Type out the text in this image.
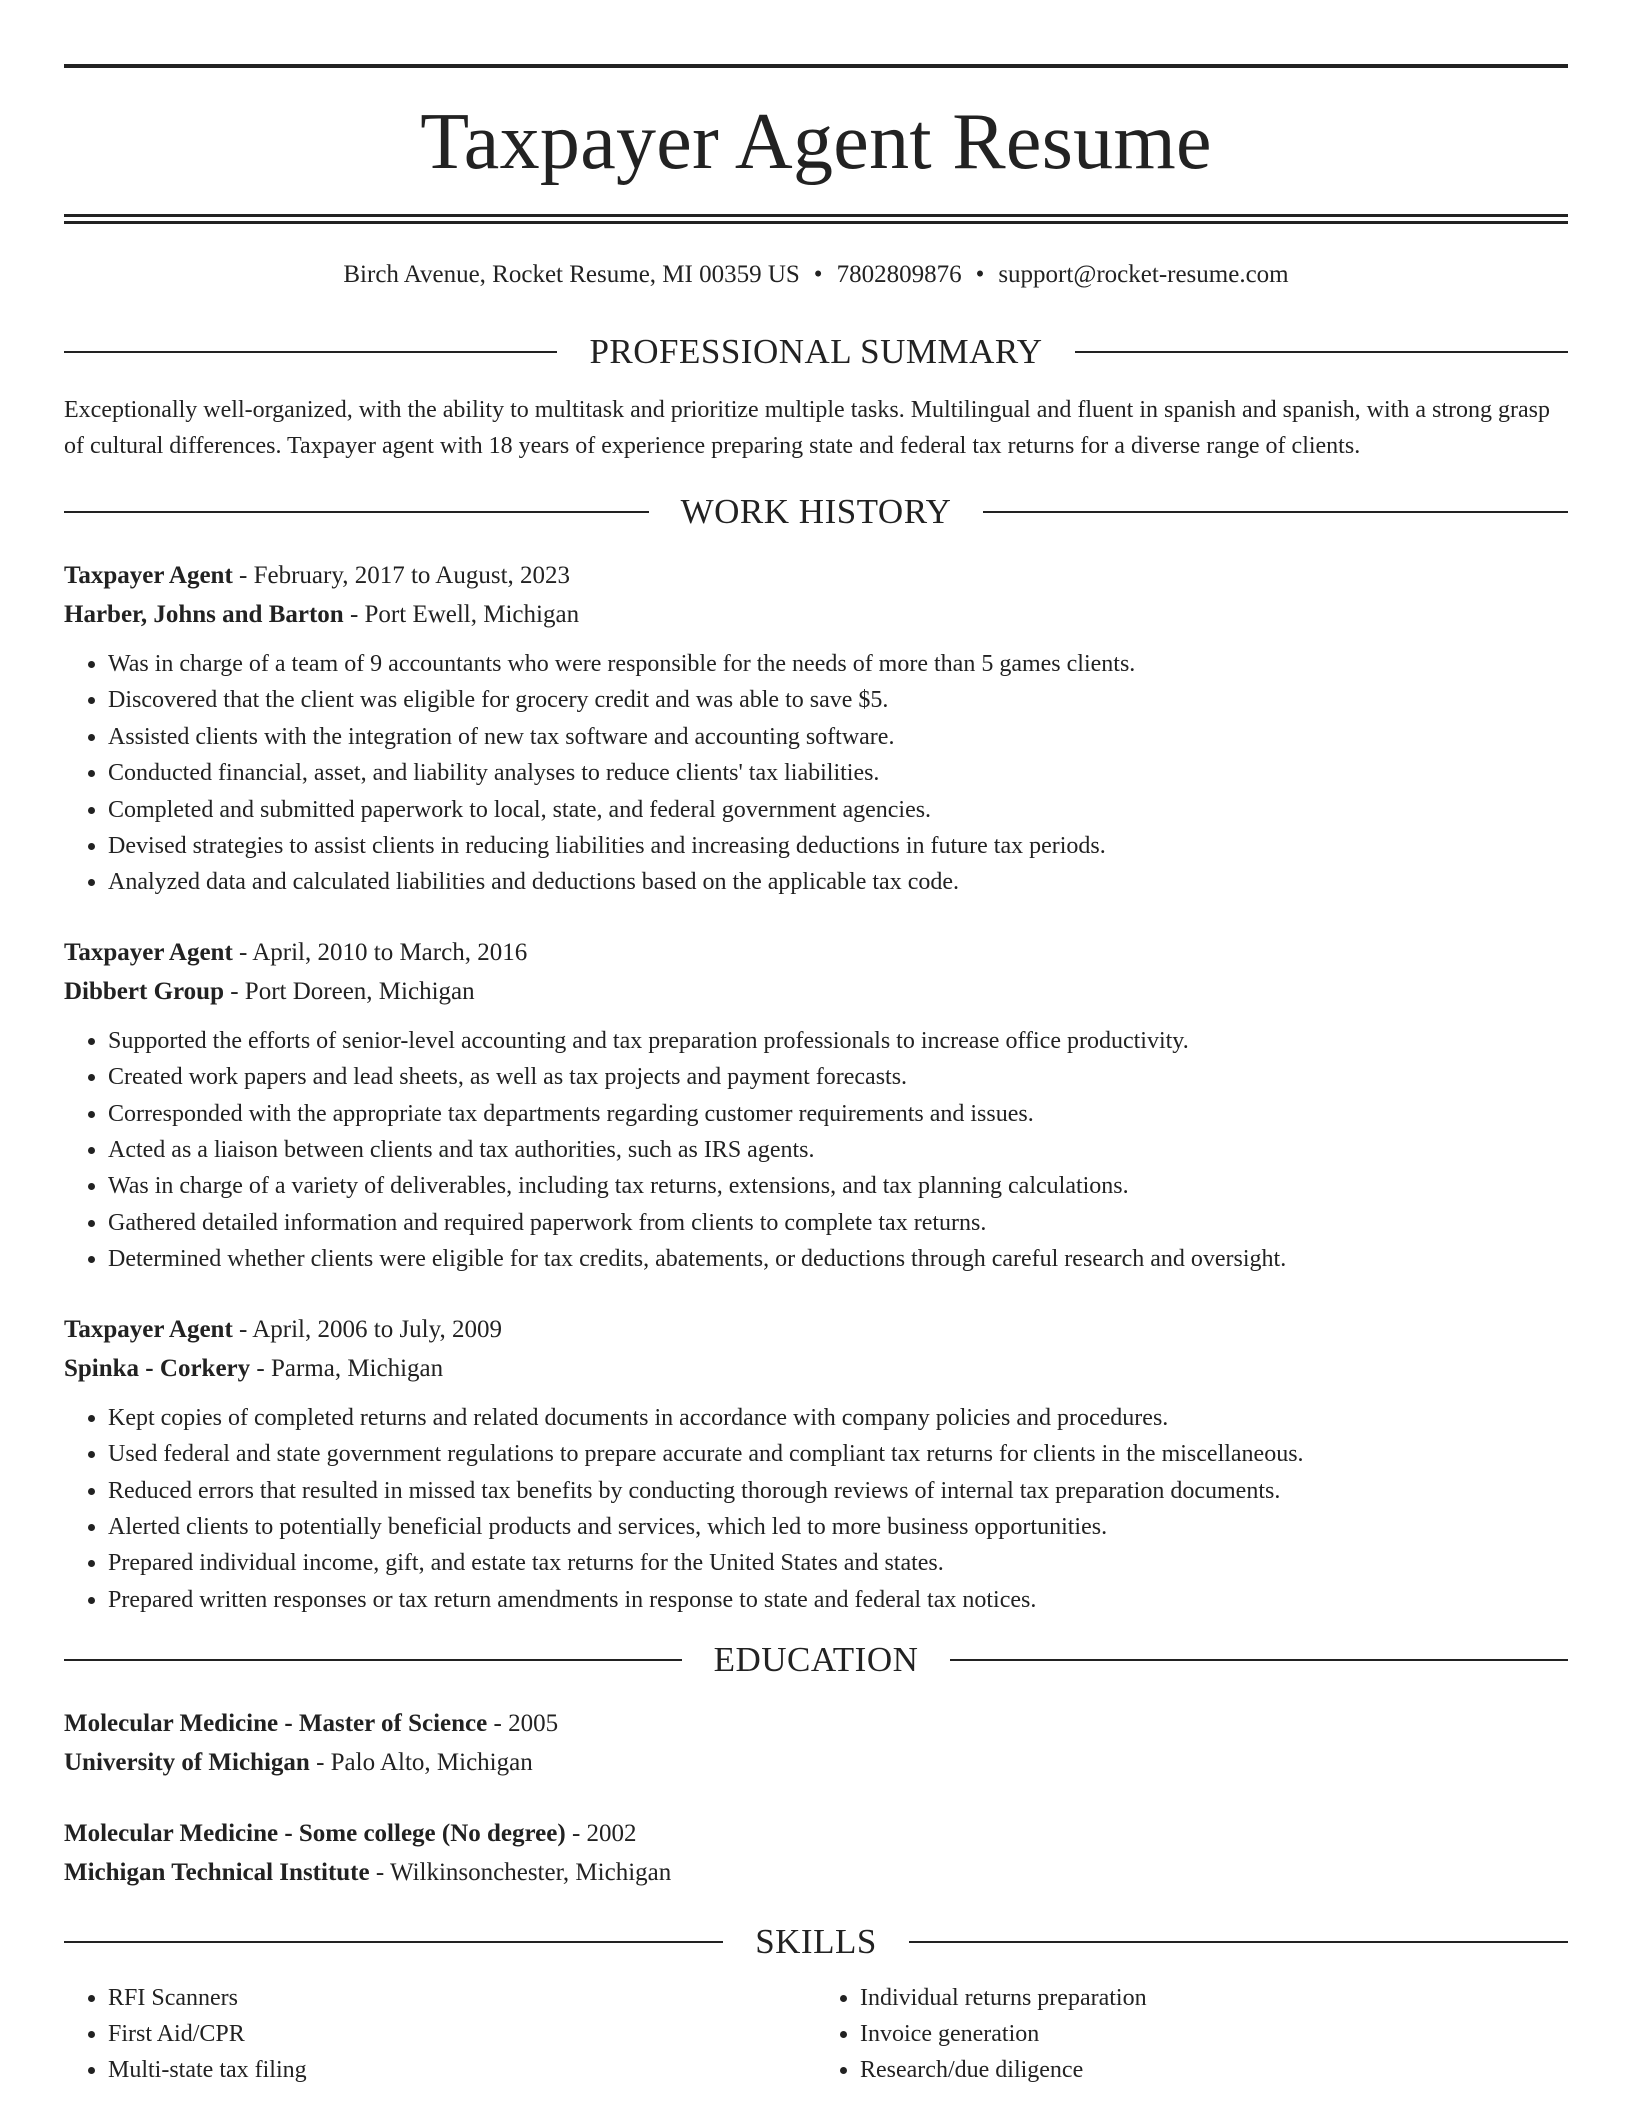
Taxpayer Agent Resume
Birch Avenue, Rocket Resume, MI 00359 US • 7802809876 • support@rocket-resume.com
PROFESSIONAL SUMMARY
Exceptionally well-organized, with the ability to multitask and prioritize multiple tasks. Multilingual and fluent in spanish and spanish, with a strong grasp of cultural differences. Taxpayer agent with 18 years of experience preparing state and federal tax returns for a diverse range of clients.
WORK HISTORY
Taxpayer Agent - February, 2017 to August, 2023
Harber, Johns and Barton - Port Ewell, Michigan
• Was in charge of a team of 9 accountants who were responsible for the needs of more than 5 games clients.
• Discovered that the client was eligible for grocery credit and was able to save $5.
• Assisted clients with the integration of new tax software and accounting software.
• Conducted financial, asset, and liability analyses to reduce clients' tax liabilities.
• Completed and submitted paperwork to local, state, and federal government agencies.
• Devised strategies to assist clients in reducing liabilities and increasing deductions in future tax periods.
• Analyzed data and calculated liabilities and deductions based on the applicable tax code.
Taxpayer Agent - April, 2010 to March, 2016
Dibbert Group - Port Doreen, Michigan
• Supported the efforts of senior-level accounting and tax preparation professionals to increase office productivity.
• Created work papers and lead sheets, as well as tax projects and payment forecasts.
• Corresponded with the appropriate tax departments regarding customer requirements and issues.
• Acted as a liaison between clients and tax authorities, such as IRS agents.
• Was in charge of a variety of deliverables, including tax returns, extensions, and tax planning calculations.
• Gathered detailed information and required paperwork from clients to complete tax returns.
• Determined whether clients were eligible for tax credits, abatements, or deductions through careful research and oversight.
Taxpayer Agent - April, 2006 to July, 2009
Spinka - Corkery - Parma, Michigan
• Kept copies of completed returns and related documents in accordance with company policies and procedures.
• Used federal and state government regulations to prepare accurate and compliant tax returns for clients in the miscellaneous.
• Reduced errors that resulted in missed tax benefits by conducting thorough reviews of internal tax preparation documents.
• Alerted clients to potentially beneficial products and services, which led to more business opportunities.
• Prepared individual income, gift, and estate tax returns for the United States and states.
• Prepared written responses or tax return amendments in response to state and federal tax notices.
EDUCATION
Molecular Medicine - Master of Science - 2005
University of Michigan - Palo Alto, Michigan
Molecular Medicine - Some college (No degree) - 2002
Michigan Technical Institute - Wilkinsonchester, Michigan
SKILLS
• RFI Scanners
• First Aid/CPR
• Multi-state tax filing
• Individual returns preparation
• Invoice generation
• Research/due diligence
